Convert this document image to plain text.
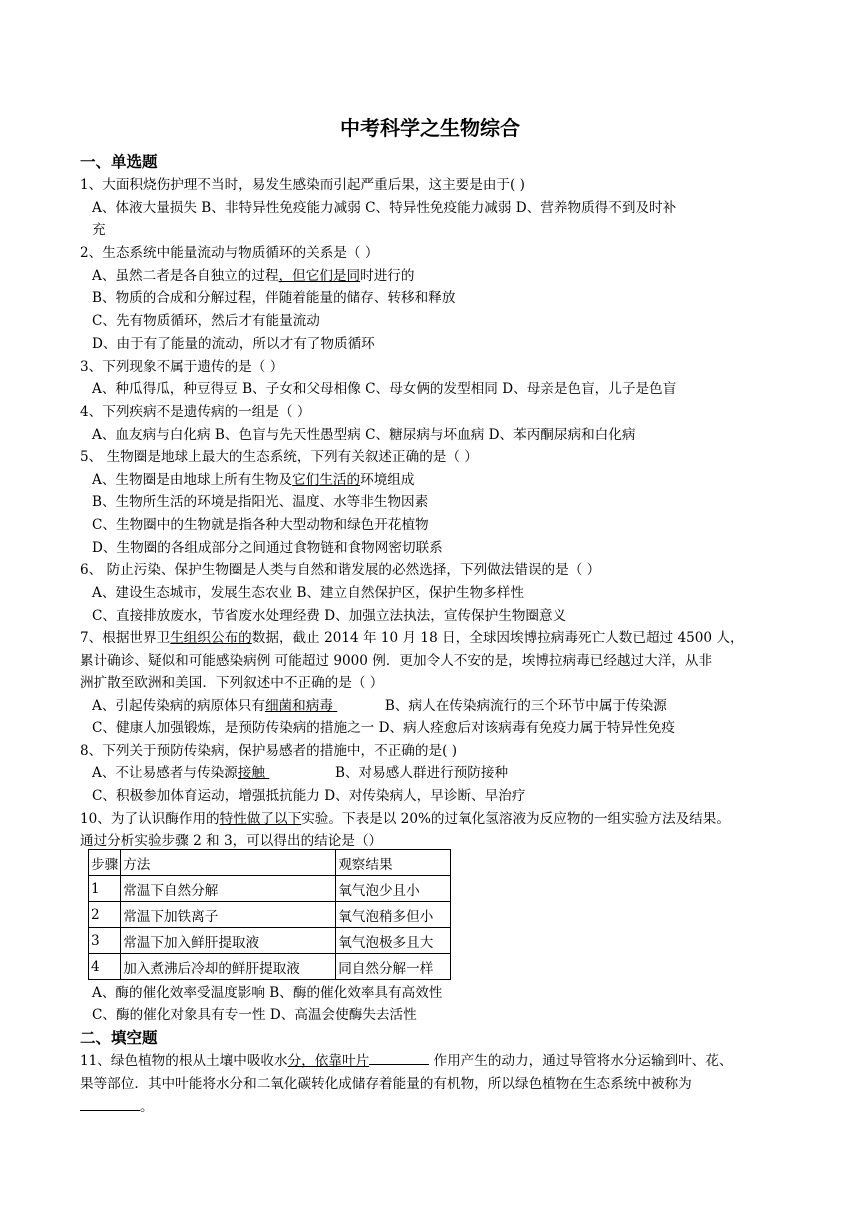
中考科学之生物综合
一、单选题
1、大面积烧伤护理不当时，易发生感染而引起严重后果，这主要是由于( )
A、体液大量损失 B、非特异性免疫能力减弱 C、特异性免疫能力减弱 D、营养物质得不到及时补
充
2、生态系统中能量流动与物质循环的关系是（ ）
A、虽然二者是各自独立的过程，但它们是同时进行的
B、物质的合成和分解过程，伴随着能量的储存、转移和释放
C、先有物质循环，然后才有能量流动
D、由于有了能量的流动，所以才有了物质循环
3、下列现象不属于遗传的是（ ）
A、种瓜得瓜，种豆得豆 B、子女和父母相像 C、母女俩的发型相同 D、母亲是色盲，儿子是色盲
4、下列疾病不是遗传病的一组是（ ）
A、血友病与白化病 B、色盲与先天性愚型病 C、糖尿病与坏血病 D、苯丙酮尿病和白化病
5、 生物圈是地球上最大的生态系统，下列有关叙述正确的是（ ）
A、生物圈是由地球上所有生物及它们生活的环境组成
B、生物所生活的环境是指阳光、温度、水等非生物因素
C、生物圈中的生物就是指各种大型动物和绿色开花植物
D、生物圈的各组成部分之间通过食物链和食物网密切联系
6、 防止污染、保护生物圈是人类与自然和谐发展的必然选择，下列做法错误的是（ ）
A、建设生态城市，发展生态农业 B、建立自然保护区，保护生物多样性
C、直接排放废水，节省废水处理经费 D、加强立法执法，宣传保护生物圈意义
7、根据世界卫生组织公布的数据，截止 2014 年 10 月 18 日，全球因埃博拉病毒死亡人数已超过 4500 人，
累计确诊、疑似和可能感染病例 可能超过 9000 例．更加令人不安的是，埃博拉病毒已经越过大洋，从非
洲扩散至欧洲和美国．下列叙述中不正确的是（ ）
A、引起传染病的病原体只有细菌和病毒	B、病人在传染病流行的三个环节中属于传染源
C、健康人加强锻炼，是预防传染病的措施之一 D、病人痊愈后对该病毒有免疫力属于特异性免疫
8、下列关于预防传染病，保护易感者的措施中，不正确的是( )
A、不让易感者与传染源接触	B、对易感人群进行预防接种
C、积极参加体育运动，增强抵抗能力 D、对传染病人，早诊断、早治疗
10、为了认识酶作用的特性做了以下实验。下表是以 20%的过氧化氢溶液为反应物的一组实验方法及结果。
通过分析实验步骤 2 和 3，可以得出的结论是（）
步骤	方法	观察结果
1	常温下自然分解	氧气泡少且小
2	常温下加铁离子	氧气泡稍多但小
3	常温下加入鲜肝提取液	氧气泡极多且大
4	加入煮沸后冷却的鲜肝提取液	同自然分解一样
A、酶的催化效率受温度影响 B、酶的催化效率具有高效性
C、酶的催化对象具有专一性 D、高温会使酶失去活性
二、填空题
11、绿色植物的根从土壤中吸收水分，依靠叶片	作用产生的动力，通过导管将水分运输到叶、花、
果等部位．其中叶能将水分和二氧化碳转化成储存着能量的有机物，所以绿色植物在生态系统中被称为
。
